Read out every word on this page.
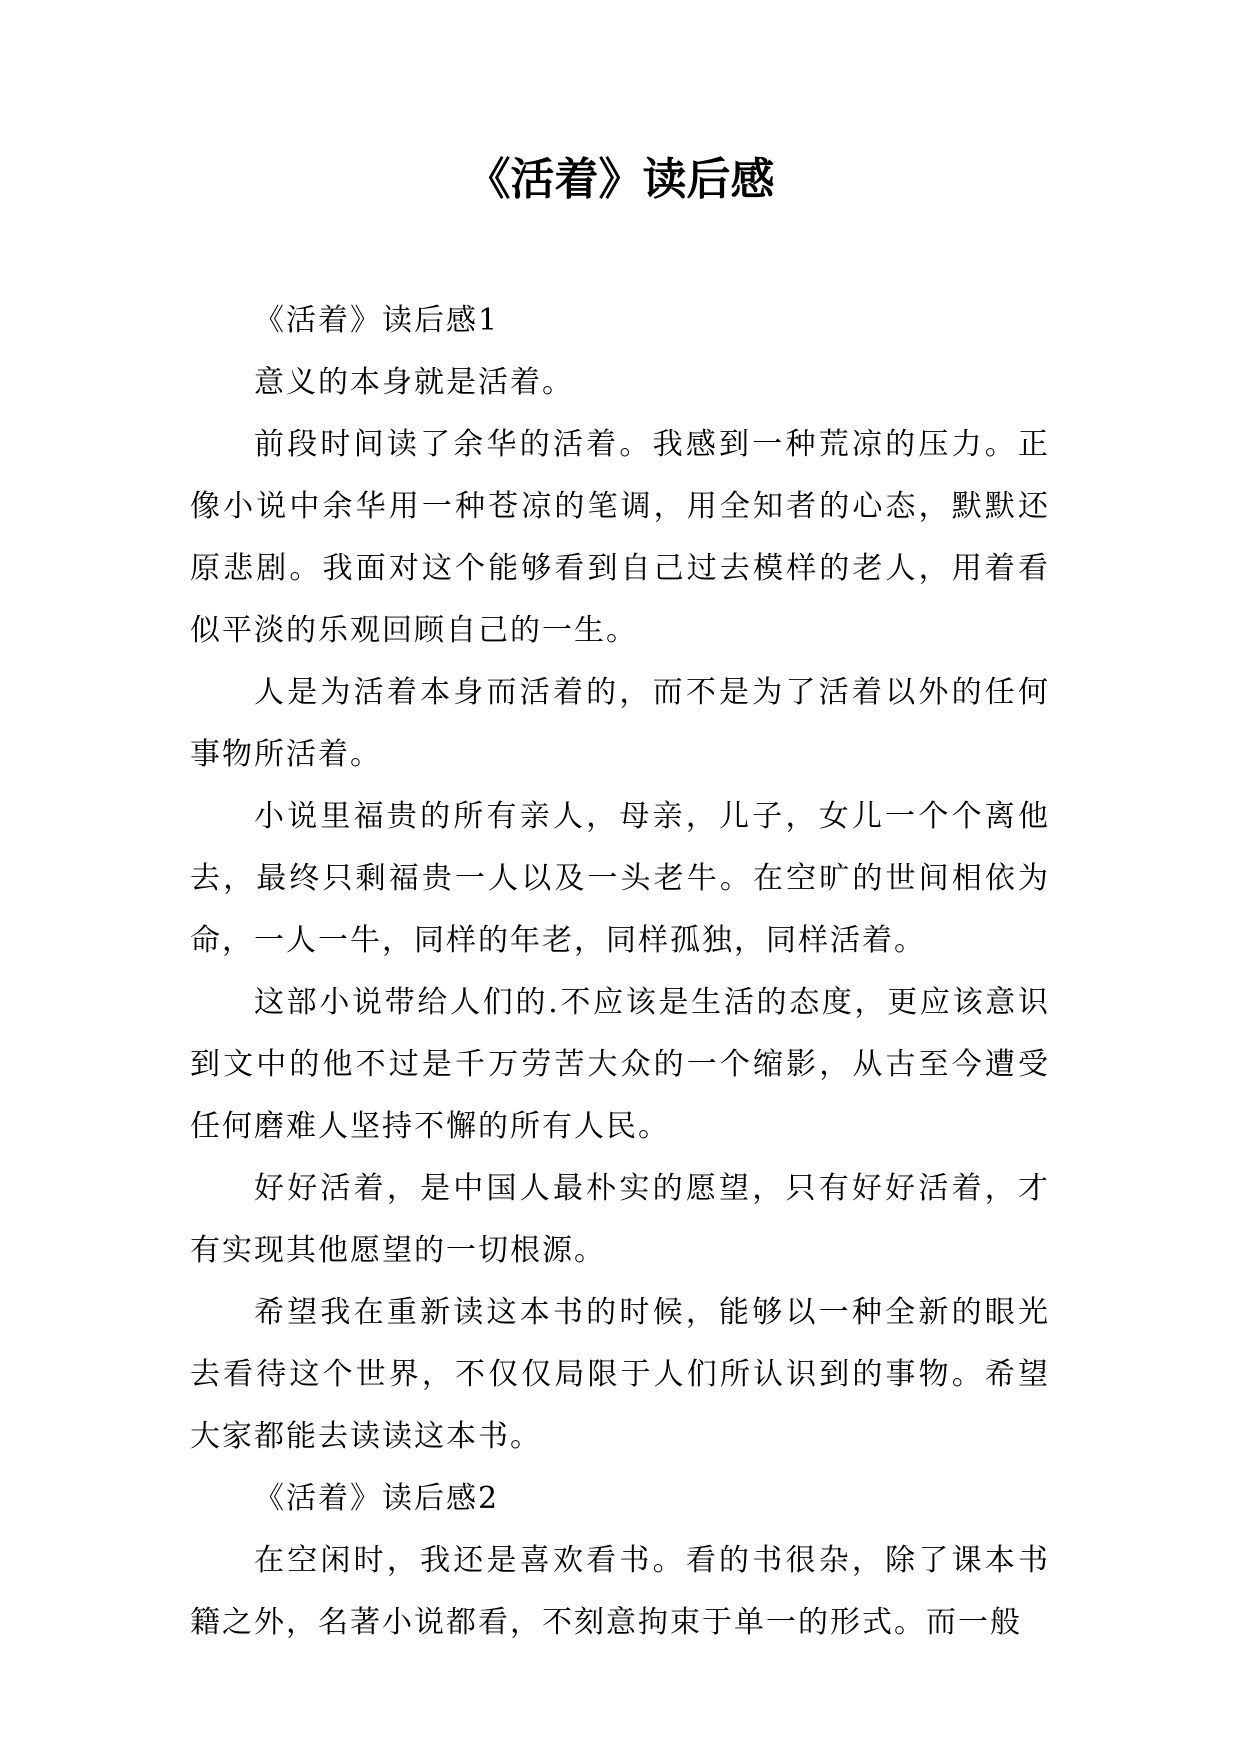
《活着》读后感

《活着》读后感1

意义的本身就是活着。

前段时间读了余华的活着。我感到一种荒凉的压力。正像小说中余华用一种苍凉的笔调，用全知者的心态，默默还原悲剧。我面对这个能够看到自己过去模样的老人，用着看似平淡的乐观回顾自己的一生。

人是为活着本身而活着的，而不是为了活着以外的任何事物所活着。

小说里福贵的所有亲人，母亲，儿子，女儿一个个离他去，最终只剩福贵一人以及一头老牛。在空旷的世间相依为命，一人一牛，同样的年老，同样孤独，同样活着。

这部小说带给人们的.不应该是生活的态度，更应该意识到文中的他不过是千万劳苦大众的一个缩影，从古至今遭受任何磨难人坚持不懈的所有人民。

好好活着，是中国人最朴实的愿望，只有好好活着，才有实现其他愿望的一切根源。

希望我在重新读这本书的时候，能够以一种全新的眼光去看待这个世界，不仅仅局限于人们所认识到的事物。希望大家都能去读读这本书。

《活着》读后感2

在空闲时，我还是喜欢看书。看的书很杂，除了课本书籍之外，名著小说都看，不刻意拘束于单一的形式。而一般
